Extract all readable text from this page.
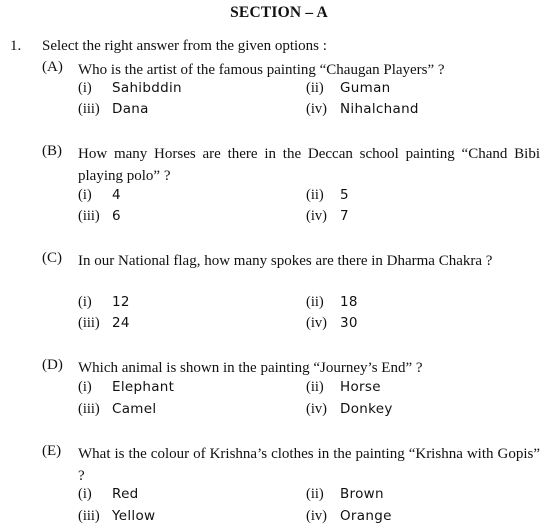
SECTION – A
1. Select the right answer from the given options :
(A) Who is the artist of the famous painting “Chaugan Players” ?
(i) Sahibddin	(ii) Guman
(iii) Dana	(iv) Nihalchand
(B) How many Horses are there in the Deccan school painting “Chand Bibi playing polo” ?
(i) 4	(ii) 5
(iii) 6	(iv) 7
(C) In our National flag, how many spokes are there in Dharma Chakra ?
(i) 12	(ii) 18
(iii) 24	(iv) 30
(D) Which animal is shown in the painting “Journey’s End” ?
(i) Elephant	(ii) Horse
(iii) Camel	(iv) Donkey
(E) What is the colour of Krishna’s clothes in the painting “Krishna with Gopis” ?
(i) Red	(ii) Brown
(iii) Yellow	(iv) Orange
